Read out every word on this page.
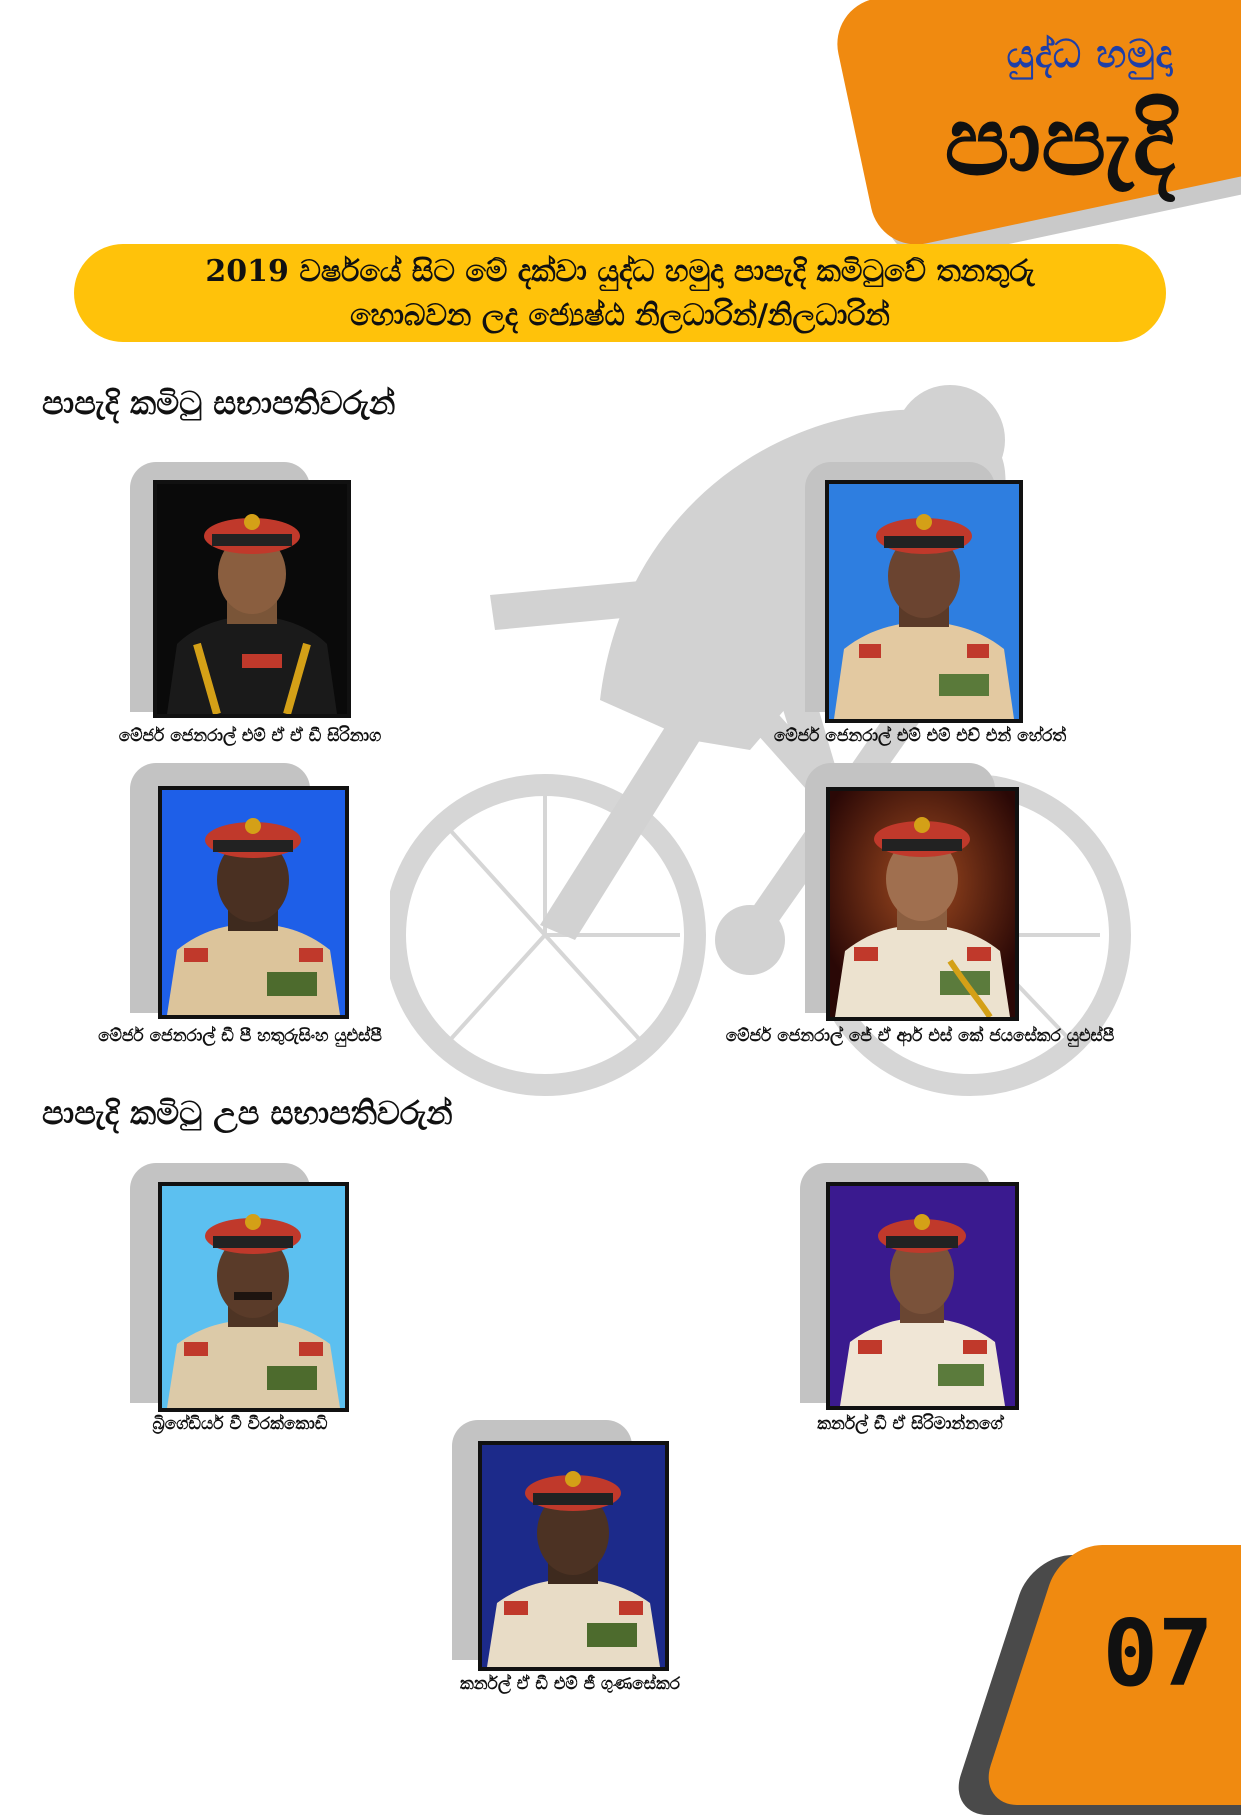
යුද්ධ හමුදා
පාපැදි
2019 වර්ෂයේ සිට මේ දක්වා යුද්ධ හමුදා පාපැදි කමිටුවේ තනතුරු
හොබවන ලද ජ්‍යෙෂ්ඨ නිලධාරින්/නිලධාරින්
පාපැදි කමිටු සභාපතිවරුන්
පාපැදි කමිටු උප සභාපතිවරුන්
මේජර් ජෙනරාල් එම් ඒ ඒ ඩී සිරිනාග	මේජර් ජෙනරාල් එම් එම් එච් එන් හේරත්
මේජර් ජෙනරාල් ඩී පී හතුරුසිංහ යුඑස්පී	මේජර් ජෙනරාල් ජේ ඒ ආර් එස් කේ ජයසේකර යුඑස්පී
බ්‍රිගේඩියර් වී වීරක්කොඩි	කර්නල් ඩී ඒ සිරිමාන්නගේ
කර්නල් ඒ ඩී එම් ජී ගුණසේකර	07
